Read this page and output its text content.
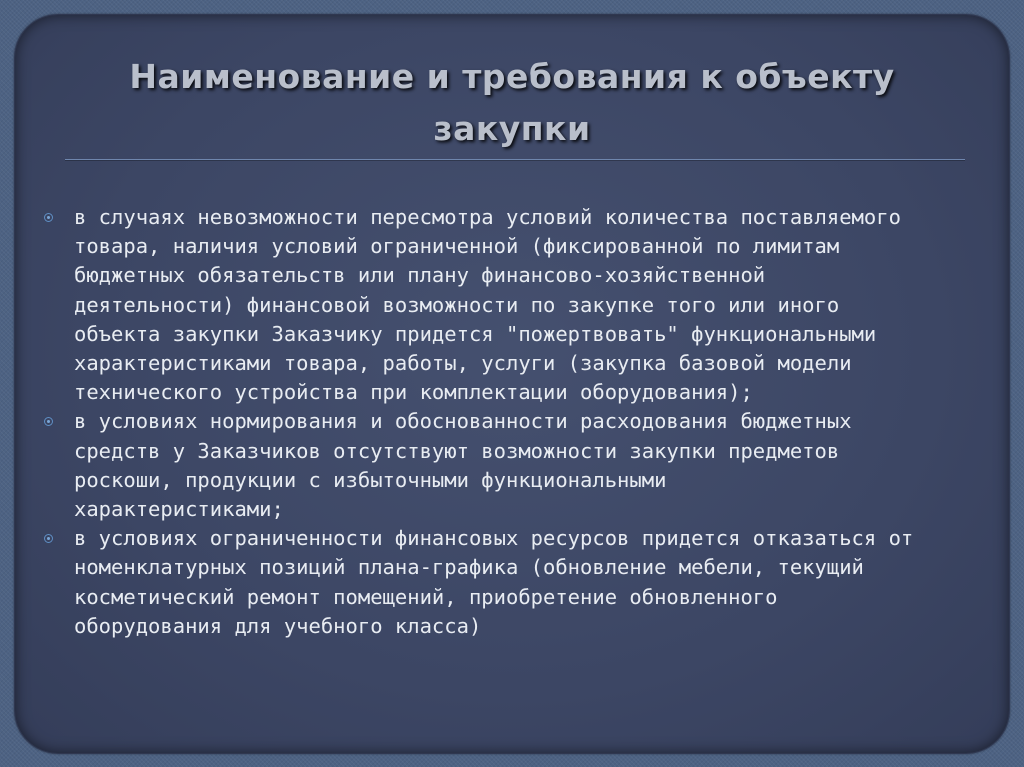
Наименование и требования к объекту закупки
в случаях невозможности пересмотра условий количества поставляемого
товара, наличия условий ограниченной (фиксированной по лимитам
бюджетных обязательств или плану финансово-хозяйственной
деятельности) финансовой возможности по закупке того или иного
объекта закупки Заказчику придется "пожертвовать" функциональными
характеристиками товара, работы, услуги (закупка базовой модели
технического устройства при комплектации оборудования);
в условиях нормирования и обоснованности расходования бюджетных
средств у Заказчиков отсутствуют возможности закупки предметов
роскоши, продукции с избыточными функциональными
характеристиками;
в условиях ограниченности финансовых ресурсов придется отказаться от
номенклатурных позиций плана-графика (обновление мебели, текущий
косметический ремонт помещений, приобретение обновленного
оборудования для учебного класса)
